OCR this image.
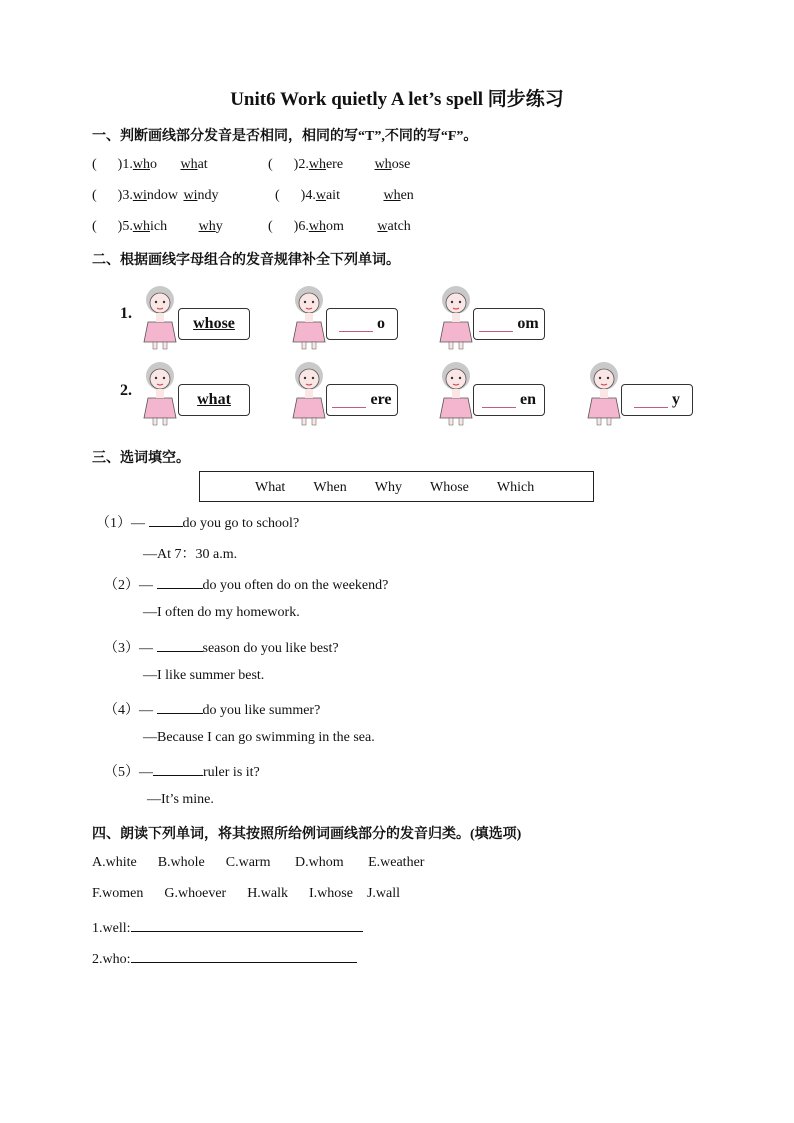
Unit6 Work quietly A let’s spell 同步练习
一、判断画线部分发音是否相同，相同的写“T”,不同的写“F”。
(      )1.who what	(      )2.where whose
(      )3.window windy	(      )4.wait	when
(      )5.which why	(      )6.whom watch
二、根据画线字母组合的发音规律补全下列单词。
1.
2.
whose	o	om
what	ere	en	y
三、选词填空。
What When Why Whose Which
（1）—	do you go to school?
—At 7：30 a.m.
（2）—	do you often do on the weekend?
—I often do my homework.
（3）—	season do you like best?
—I like summer best.
（4）—	do you like summer?
—Because I can go swimming in the sea.
（5）—	ruler is it?
—It’s mine.
四、朗读下列单词，将其按照所给例词画线部分的发音归类。(填选项)
A.white      B.whole      C.warm       D.whom       E.weather
F.women      G.whoever      H.walk      I.whose    J.wall
1.well:
2.who:
